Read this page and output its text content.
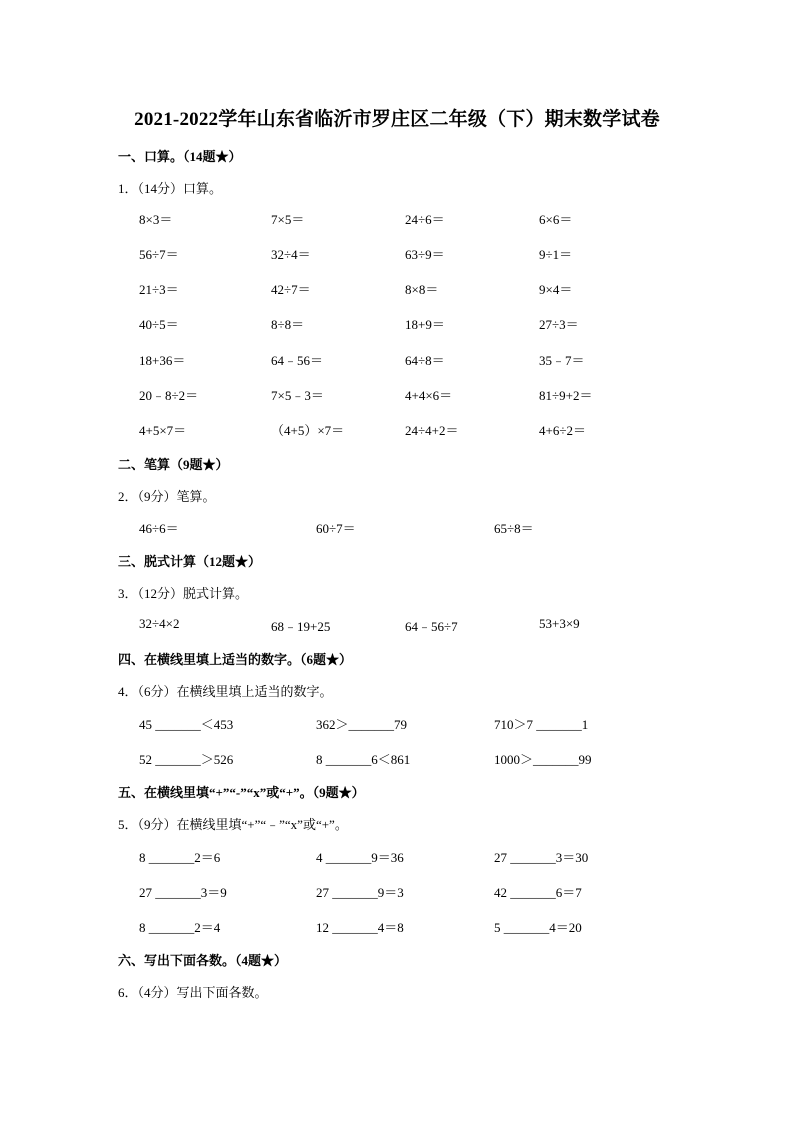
2021-2022学年山东省临沂市罗庄区二年级（下）期末数学试卷
一、口算。（14题★）
1．（14分）口算。
8×3＝	7×5＝	24÷6＝	6×6＝
56÷7＝	32÷4＝	63÷9＝	9÷1＝
21÷3＝	42÷7＝	8×8＝	9×4＝
40÷5＝	8÷8＝	18+9＝	27÷3＝
18+36＝	64﹣56＝	64÷8＝	35﹣7＝
20﹣8÷2＝	7×5﹣3＝	4+4×6＝	81÷9+2＝
4+5×7＝	（4+5）×7＝	24÷4+2＝	4+6÷2＝
二、笔算（9题★）
2．（9分）笔算。
46÷6＝	60÷7＝	65÷8＝
三、脱式计算（12题★）
3．（12分）脱式计算。
32÷4×2	68﹣19+25	64﹣56÷7	53+3×9
四、在横线里填上适当的数字。（6题★）
4．（6分）在横线里填上适当的数字。
45 _______＜453	362＞_______79	710＞7 _______1
52 _______＞526	8 _______6＜861	1000＞_______99
五、在横线里填“+”“-”“x”或“+”。（9题★）
5．（9分）在横线里填“+”“﹣”“x”或“+”。
8 _______2＝6	4 _______9＝36	27 _______3＝30
27 _______3＝9	27 _______9＝3	42 _______6＝7
8 _______2＝4	12 _______4＝8	5 _______4＝20
六、写出下面各数。（4题★）
6．（4分）写出下面各数。
